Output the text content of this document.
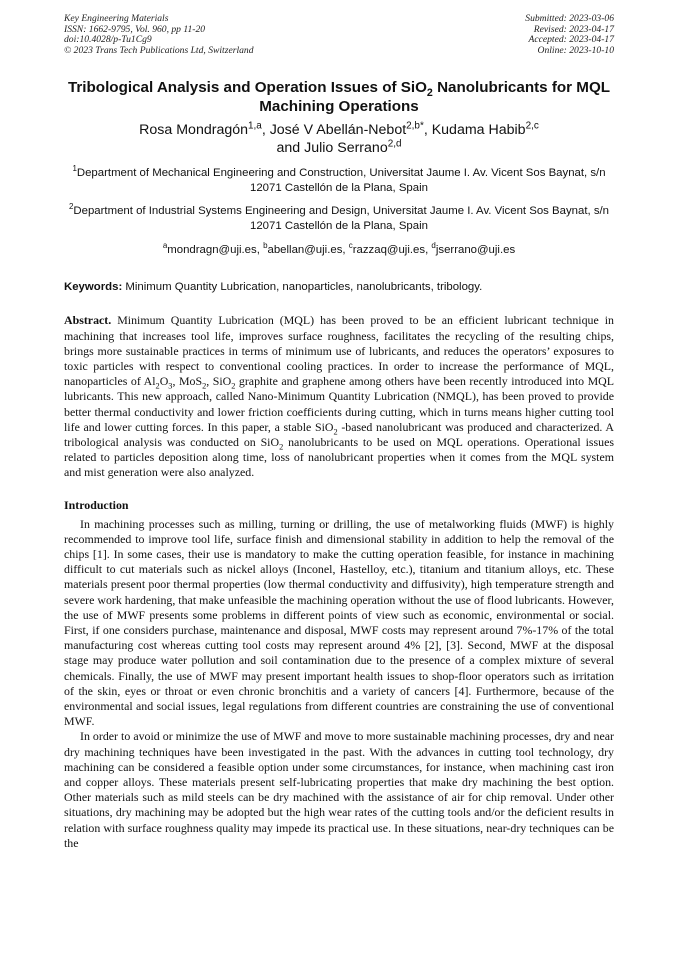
Key Engineering Materials
ISSN: 1662-9795, Vol. 960, pp 11-20
doi:10.4028/p-Tu1Cg9
© 2023 Trans Tech Publications Ltd, Switzerland
Submitted: 2023-03-06
Revised: 2023-04-17
Accepted: 2023-04-17
Online: 2023-10-10
Tribological Analysis and Operation Issues of SiO$_2$ Nanolubricants for MQL Machining Operations
Rosa Mondragón$^{1,a}$, José V Abellán-Nebot$^{2,b*}$, Kudama Habib$^{2,c}$
and Julio Serrano$^{2,d}$
$^1$Department of Mechanical Engineering and Construction, Universitat Jaume I. Av. Vicent Sos Baynat, s/n 12071 Castellón de la Plana, Spain
$^2$Department of Industrial Systems Engineering and Design, Universitat Jaume I. Av. Vicent Sos Baynat, s/n 12071 Castellón de la Plana, Spain
$^a$mondragn@uji.es, $^b$abellan@uji.es, $^c$razzaq@uji.es, $^d$jserrano@uji.es
Keywords: Minimum Quantity Lubrication, nanoparticles, nanolubricants, tribology.
Abstract. Minimum Quantity Lubrication (MQL) has been proved to be an efficient lubricant technique in machining that increases tool life, improves surface roughness, facilitates the recycling of the resulting chips, brings more sustainable practices in terms of minimum use of lubricants, and reduces the operators’ exposures to toxic particles with respect to conventional cooling practices. In order to increase the performance of MQL, nanoparticles of $Al_2O_3$, MoS$_2$, SiO$_2$ graphite and graphene among others have been recently introduced into MQL lubricants. This new approach, called Nano-Minimum Quantity Lubrication (NMQL), has been proved to provide better thermal conductivity and lower friction coefficients during cutting, which in turns means higher cutting tool life and lower cutting forces. In this paper, a stable SiO$_2$ -based nanolubricant was produced and characterized. A tribological analysis was conducted on SiO$_2$ nanolubricants to be used on MQL operations. Operational issues related to particles deposition along time, loss of nanolubricant properties when it comes from the MQL system and mist generation were also analyzed.
Introduction

In machining processes such as milling, turning or drilling, the use of metalworking fluids (MWF) is highly recommended to improve tool life, surface finish and dimensional stability in addition to help the removal of the chips [1]. In some cases, their use is mandatory to make the cutting operation feasible, for instance in machining difficult to cut materials such as nickel alloys (Inconel, Hastelloy, etc.), titanium and titanium alloys, etc. These materials present poor thermal properties (low thermal conductivity and diffusivity), high temperature strength and severe work hardening, that make unfeasible the machining operation without the use of flood lubricants. However, the use of MWF presents some problems in different points of view such as economic, environmental or social. First, if one considers purchase, maintenance and disposal, MWF costs may represent around 7%-17% of the total manufacturing cost whereas cutting tool costs may represent around 4% [2], [3]. Second, MWF at the disposal stage may produce water pollution and soil contamination due to the presence of a complex mixture of several chemicals. Finally, the use of MWF may present important health issues to shop-floor operators such as irritation of the skin, eyes or throat or even chronic bronchitis and a variety of cancers [4]. Furthermore, because of the environmental and social issues, legal regulations from different countries are constraining the use of conventional MWF.

In order to avoid or minimize the use of MWF and move to more sustainable machining processes, dry and near dry machining techniques have been investigated in the past. With the advances in cutting tool technology, dry machining can be considered a feasible option under some circumstances, for instance, when machining cast iron and copper alloys. These materials present self-lubricating properties that make dry machining the best option. Other materials such as mild steels can be dry machined with the assistance of air for chip removal. Under other situations, dry machining may be adopted but the high wear rates of the cutting tools and/or the deficient results in relation with surface roughness quality may impede its practical use. In these situations, near-dry techniques can be the
